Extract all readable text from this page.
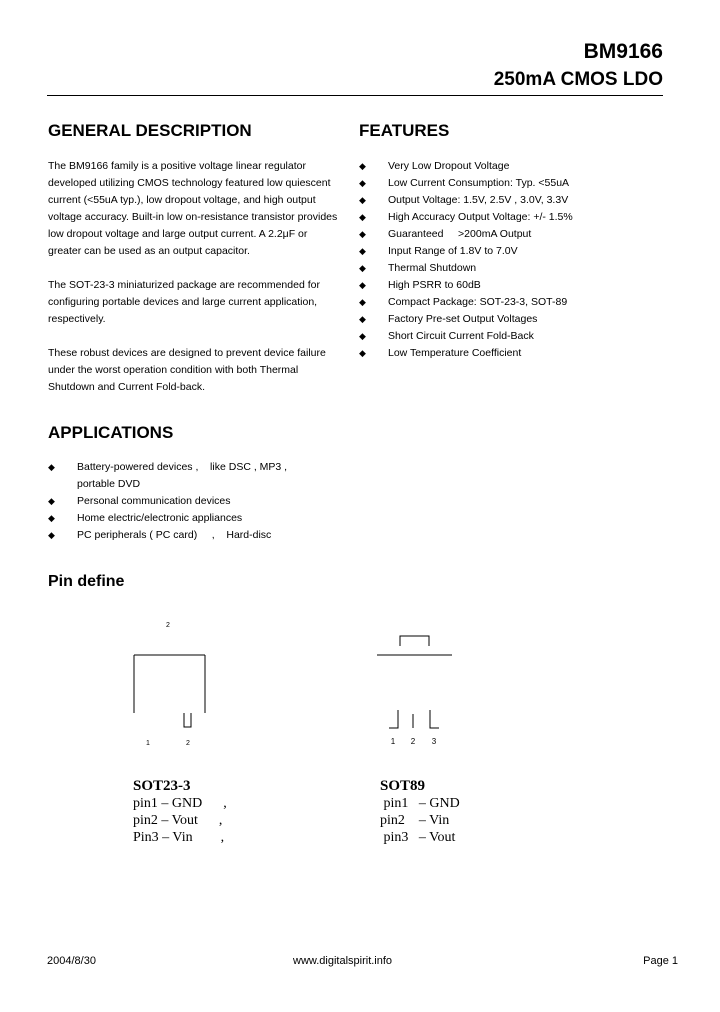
BM9166
250mA CMOS LDO
GENERAL DESCRIPTION
The BM9166 family is a positive voltage linear regulator
developed utilizing CMOS technology featured low quiescent
current (<55uA typ.), low dropout voltage, and high output
voltage accuracy. Built-in low on-resistance transistor provides
low dropout voltage and large output current. A 2.2μF or
greater can be used as an output capacitor.
The SOT-23-3 miniaturized package are recommended for
configuring portable devices and large current application,
respectively.
These robust devices are designed to prevent device failure
under the worst operation condition with both Thermal
Shutdown and Current Fold-back.
FEATURES
◆ Very Low Dropout Voltage
◆ Low Current Consumption: Typ. <55uA
◆ Output Voltage: 1.5V, 2.5V , 3.0V, 3.3V
◆ High Accuracy Output Voltage: +/- 1.5%
◆ Guaranteed     >200mA Output
◆ Input Range of 1.8V to 7.0V
◆ Thermal Shutdown
◆ High PSRR to 60dB
◆ Compact Package: SOT-23-3, SOT-89
◆ Factory Pre-set Output Voltages
◆ Short Circuit Current Fold-Back
◆ Low Temperature Coefficient
APPLICATIONS
◆ Battery-powered devices ,    like DSC , MP3 ,
portable DVD
◆ Personal communication devices
◆ Home electric/electronic appliances
◆ PC peripherals ( PC card)     ,    Hard-disc
Pin define
2
1	2	1 2 3
SOT23-3
pin1 – GND      ,
pin2 – Vout      ,
Pin3 – Vin        ,
SOT89
pin1   – GND
pin2    – Vin
pin3   – Vout
2004/8/30	www.digitalspirit.info	Page 1
